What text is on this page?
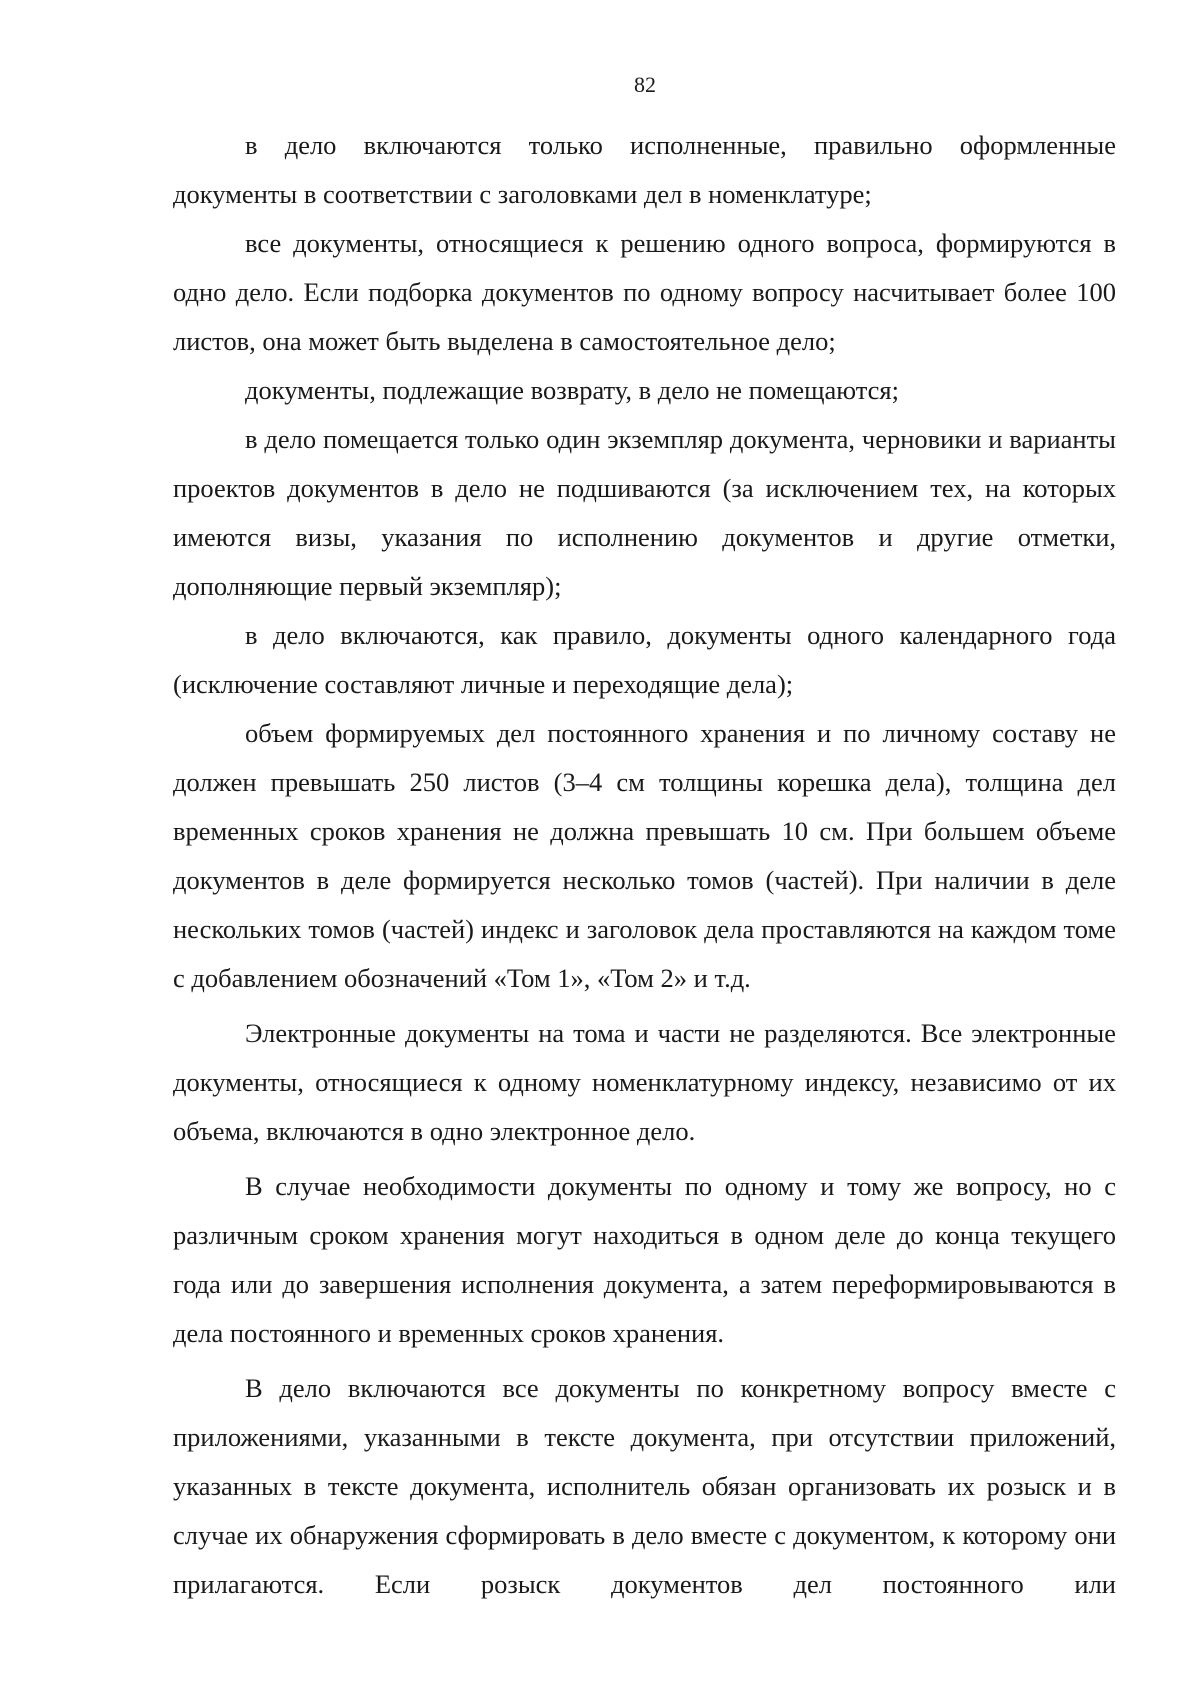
82

в дело включаются только исполненные, правильно оформленные документы в соответствии с заголовками дел в номенклатуре;

все документы, относящиеся к решению одного вопроса, формируются в одно дело. Если подборка документов по одному вопросу насчитывает более 100 листов, она может быть выделена в самостоятельное дело;

документы, подлежащие возврату, в дело не помещаются;

в дело помещается только один экземпляр документа, черновики и варианты проектов документов в дело не подшиваются (за исключением тех, на которых имеются визы, указания по исполнению документов и другие отметки, дополняющие первый экземпляр);

в дело включаются, как правило, документы одного календарного года (исключение составляют личные и переходящие дела);

объем формируемых дел постоянного хранения и по личному составу не должен превышать 250 листов (3–4 см толщины корешка дела), толщина дел временных сроков хранения не должна превышать 10 см. При большем объеме документов в деле формируется несколько томов (частей). При наличии в деле нескольких томов (частей) индекс и заголовок дела проставляются на каждом томе с добавлением обозначений «Том 1», «Том 2» и т.д.

Электронные документы на тома и части не разделяются. Все электронные документы, относящиеся к одному номенклатурному индексу, независимо от их объема, включаются в одно электронное дело.

В случае необходимости документы по одному и тому же вопросу, но с различным сроком хранения могут находиться в одном деле до конца текущего года или до завершения исполнения документа, а затем переформировываются в дела постоянного и временных сроков хранения.

В дело включаются все документы по конкретному вопросу вместе с приложениями, указанными в тексте документа, при отсутствии приложений, указанных в тексте документа, исполнитель обязан организовать их розыск и в случае их обнаружения сформировать в дело вместе с документом, к которому они прилагаются. Если розыск документов дел постоянного или
